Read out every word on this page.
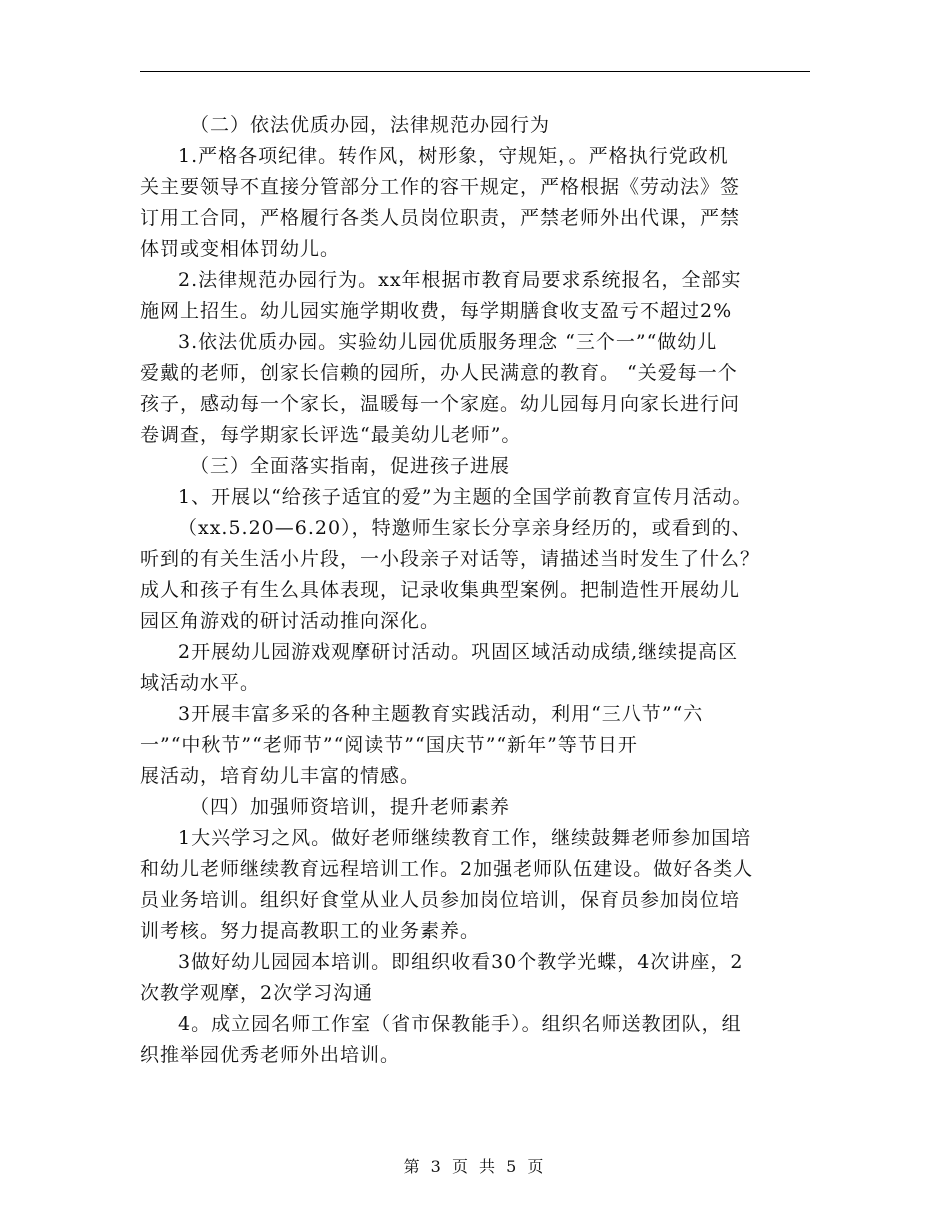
（二）依法优质办园，法律规范办园行为
1.严格各项纪律。转作风，树形象，守规矩，。严格执行党政机
关主要领导不直接分管部分工作的容干规定，严格根据《劳动法》签
订用工合同，严格履行各类人员岗位职责，严禁老师外出代课，严禁
体罚或变相体罚幼儿。
2.法律规范办园行为。xx年根据市教育局要求系统报名，全部实
施网上招生。幼儿园实施学期收费，每学期膳食收支盈亏不超过2%
3.依法优质办园。实验幼儿园优质服务理念 “三个一”“做幼儿
爱戴的老师，创家长信赖的园所，办人民满意的教育。 “关爱每一个
孩子，感动每一个家长，温暖每一个家庭。幼儿园每月向家长进行问
卷调查，每学期家长评选“最美幼儿老师”。
（三）全面落实指南，促进孩子进展
1、开展以“给孩子适宜的爱”为主题的全国学前教育宣传月活动。
（xx.5.20—6.20），特邀师生家长分享亲身经历的，或看到的、
听到的有关生活小片段，一小段亲子对话等，请描述当时发生了什么？
成人和孩子有生么具体表现，记录收集典型案例。把制造性开展幼儿
园区角游戏的研讨活动推向深化。
2开展幼儿园游戏观摩研讨活动。巩固区域活动成绩,继续提高区
域活动水平。
3开展丰富多采的各种主题教育实践活动，利用“三八节”“六
一”“中秋节”“老师节”“阅读节”“国庆节”“新年”等节日开
展活动，培育幼儿丰富的情感。
（四）加强师资培训，提升老师素养
1大兴学习之风。做好老师继续教育工作，继续鼓舞老师参加国培
和幼儿老师继续教育远程培训工作。2加强老师队伍建设。做好各类人
员业务培训。组织好食堂从业人员参加岗位培训，保育员参加岗位培
训考核。努力提高教职工的业务素养。
3做好幼儿园园本培训。即组织收看30个教学光蝶，4次讲座，2
次教学观摩，2次学习沟通
4。成立园名师工作室（省市保教能手）。组织名师送教团队，组
织推举园优秀老师外出培训。
第 3 页 共 5 页
